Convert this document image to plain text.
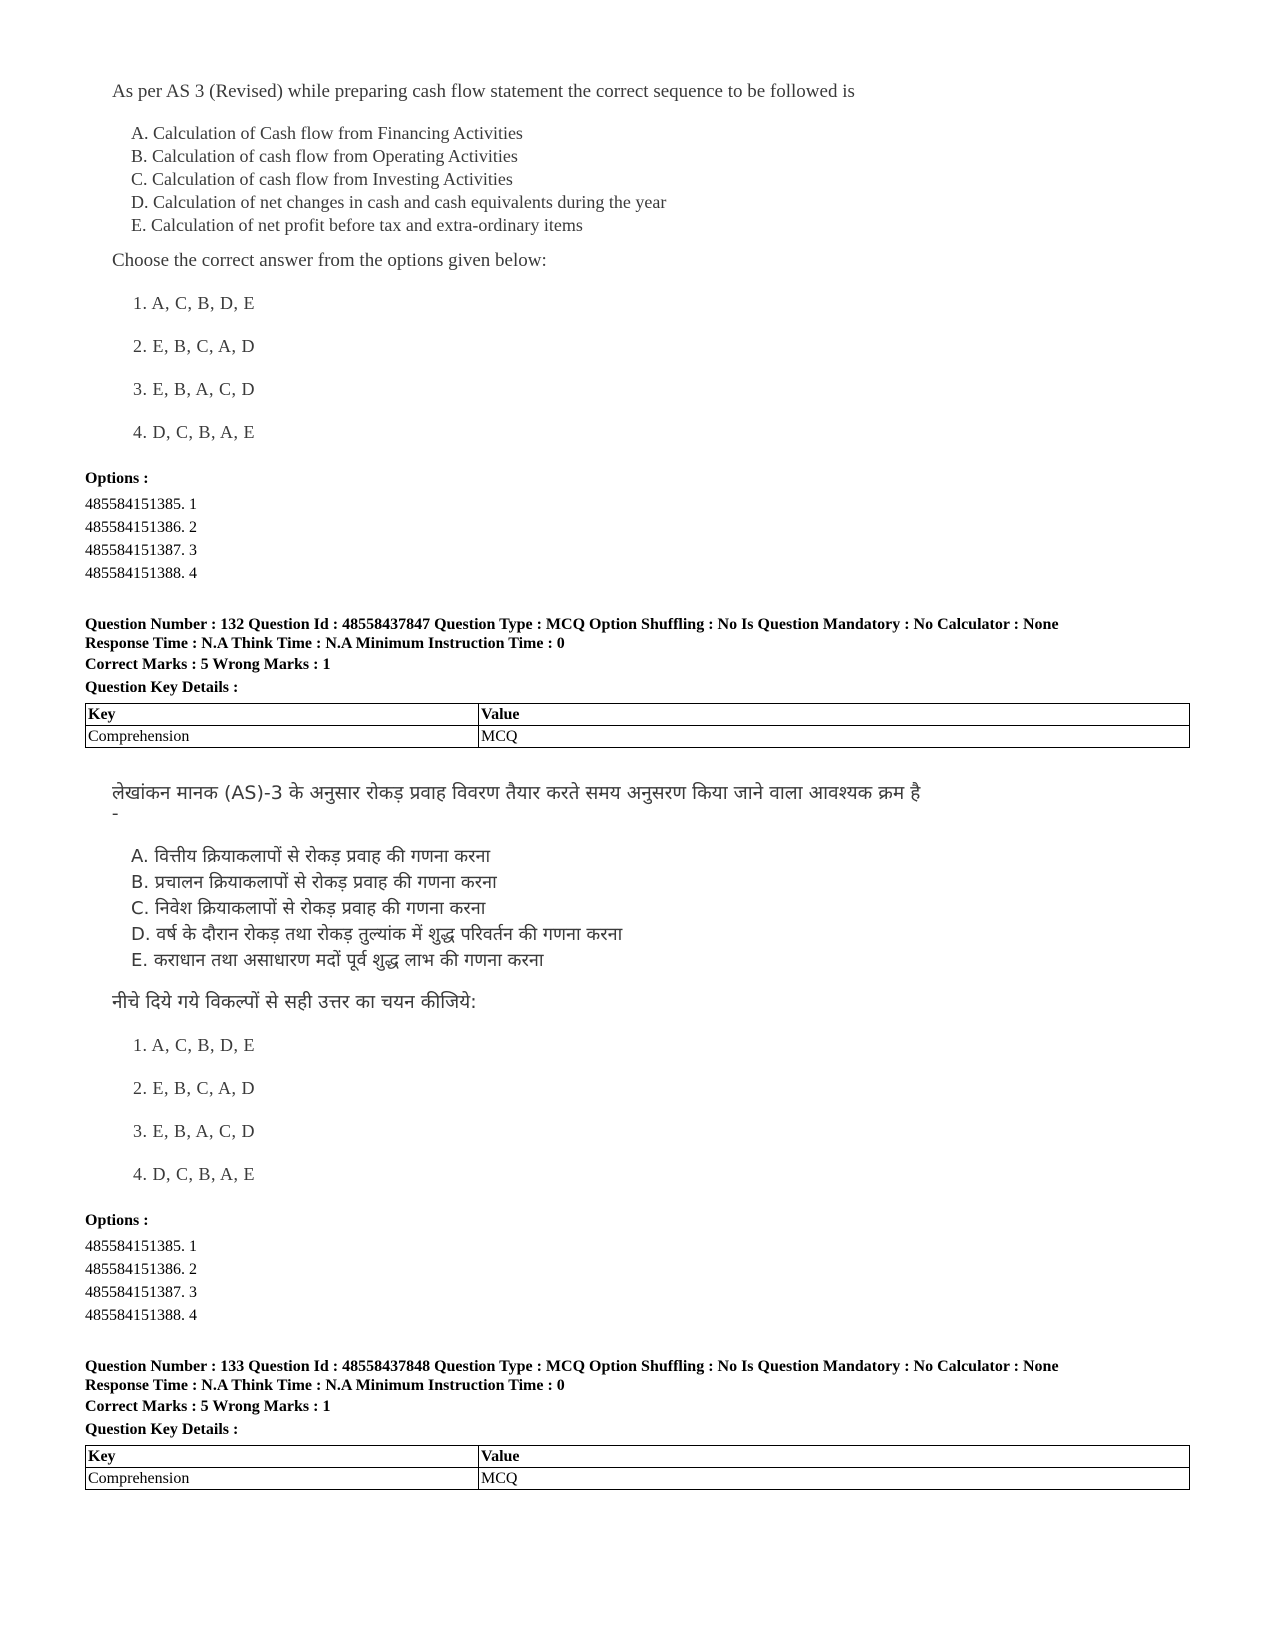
As per AS 3 (Revised) while preparing cash flow statement the correct sequence to be followed is
A. Calculation of Cash flow from Financing Activities
B. Calculation of cash flow from Operating Activities
C. Calculation of cash flow from Investing Activities
D. Calculation of net changes in cash and cash equivalents during the year
E. Calculation of net profit before tax and extra-ordinary items
Choose the correct answer from the options given below:
1. A, C, B, D, E
2. E, B, C, A, D
3. E, B, A, C, D
4. D, C, B, A, E
Options :
485584151385. 1
485584151386. 2
485584151387. 3
485584151388. 4
Question Number : 132 Question Id : 48558437847 Question Type : MCQ Option Shuffling : No Is Question Mandatory : No Calculator : None
Response Time : N.A Think Time : N.A Minimum Instruction Time : 0
Correct Marks : 5 Wrong Marks : 1
Question Key Details :
Key	Value
Comprehension	MCQ
लेखांकन मानक (AS)-3 के अनुसार रोकड़ प्रवाह विवरण तैयार करते समय अनुसरण किया जाने वाला आवश्यक क्रम है
-
A. वित्तीय क्रियाकलापों से रोकड़ प्रवाह की गणना करना
B. प्रचालन क्रियाकलापों से रोकड़ प्रवाह की गणना करना
C. निवेश क्रियाकलापों से रोकड़ प्रवाह की गणना करना
D. वर्ष के दौरान रोकड़ तथा रोकड़ तुल्यांक में शुद्ध परिवर्तन की गणना करना
E. कराधान तथा असाधारण मदों पूर्व शुद्ध लाभ की गणना करना
नीचे दिये गये विकल्पों से सही उत्तर का चयन कीजिये:
1. A, C, B, D, E
2. E, B, C, A, D
3. E, B, A, C, D
4. D, C, B, A, E
Options :
485584151385. 1
485584151386. 2
485584151387. 3
485584151388. 4
Question Number : 133 Question Id : 48558437848 Question Type : MCQ Option Shuffling : No Is Question Mandatory : No Calculator : None
Response Time : N.A Think Time : N.A Minimum Instruction Time : 0
Correct Marks : 5 Wrong Marks : 1
Question Key Details :
Key	Value
Comprehension	MCQ
